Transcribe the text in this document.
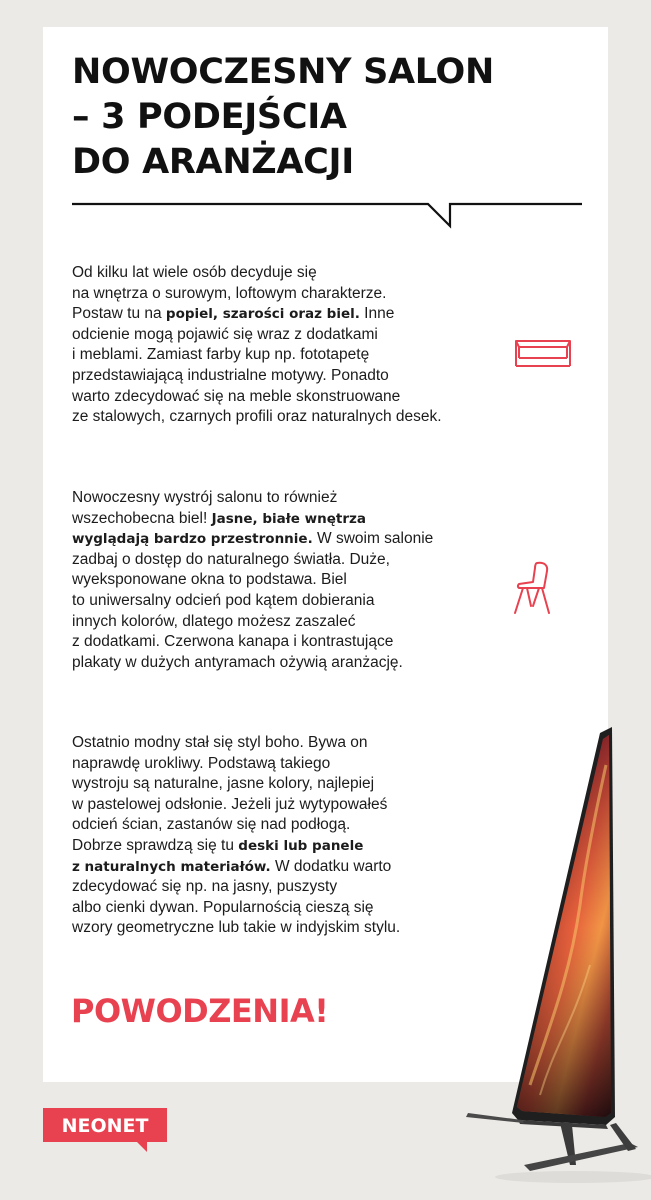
NOWOCZESNY SALON
– 3 PODEJŚCIA
DO ARANŻACJI

Od kilku lat wiele osób decyduje się
na wnętrza o surowym, loftowym charakterze.
Postaw tu na popiel, szarości oraz biel. Inne
odcienie mogą pojawić się wraz z dodatkami
i meblami. Zamiast farby kup np. fototapetę
przedstawiającą industrialne motywy. Ponadto
warto zdecydować się na meble skonstruowane
ze stalowych, czarnych profili oraz naturalnych desek.

Nowoczesny wystrój salonu to również
wszechobecna biel! Jasne, białe wnętrza
wyglądają bardzo przestronnie. W swoim salonie
zadbaj o dostęp do naturalnego światła. Duże,
wyeksponowane okna to podstawa. Biel
to uniwersalny odcień pod kątem dobierania
innych kolorów, dlatego możesz zaszaleć
z dodatkami. Czerwona kanapa i kontrastujące
plakaty w dużych antyramach ożywią aranżację.

Ostatnio modny stał się styl boho. Bywa on
naprawdę urokliwy. Podstawą takiego
wystroju są naturalne, jasne kolory, najlepiej
w pastelowej odsłonie. Jeżeli już wytypowałeś
odcień ścian, zastanów się nad podłogą.
Dobrze sprawdzą się tu deski lub panele
z naturalnych materiałów. W dodatku warto
zdecydować się np. na jasny, puszysty
albo cienki dywan. Popularnością cieszą się
wzory geometryczne lub takie w indyjskim stylu.

POWODZENIA!
NEONET
